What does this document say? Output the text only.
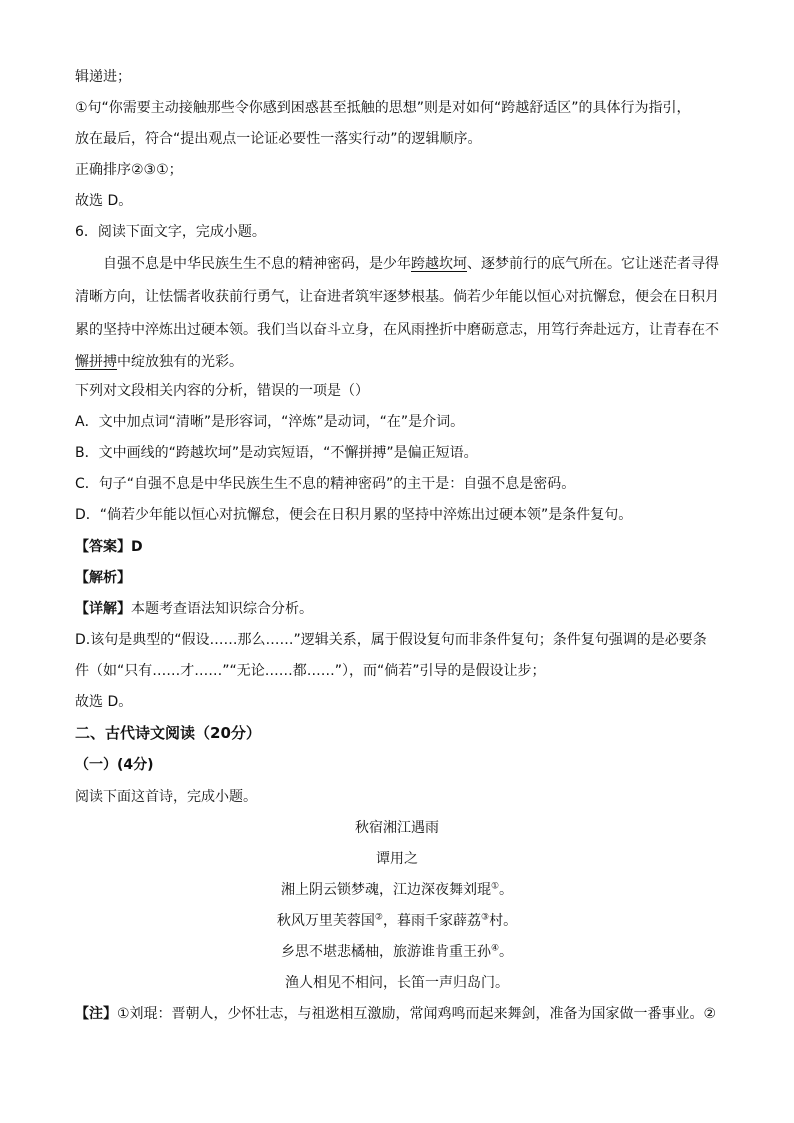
辑递进；
①句“你需要主动接触那些令你感到困惑甚至抵触的思想”则是对如何“跨越舒适区”的具体行为指引，
放在最后，符合“提出观点一论证必要性一落实行动”的逻辑顺序。
正确排序②③①；
故选 D。
6．阅读下面文字，完成小题。
自强不息是中华民族生生不息的精神密码，是少年跨越坎坷、逐梦前行的底气所在。它让迷茫者寻得
清晰方向，让怯懦者收获前行勇气，让奋进者筑牢逐梦根基。倘若少年能以恒心对抗懈怠，便会在日积月
累的坚持中淬炼出过硬本领。我们当以奋斗立身，在风雨挫折中磨砺意志，用笃行奔赴远方，让青春在不
懈拼搏中绽放独有的光彩。
下列对文段相关内容的分析，错误的一项是（）
A．文中加点词“清晰”是形容词，“淬炼”是动词，“在”是介词。
B．文中画线的“跨越坎坷”是动宾短语，“不懈拼搏”是偏正短语。
C．句子“自强不息是中华民族生生不息的精神密码”的主干是：自强不息是密码。
D．“倘若少年能以恒心对抗懈怠，便会在日积月累的坚持中淬炼出过硬本领”是条件复句。
【答案】D
【解析】
【详解】本题考查语法知识综合分析。
D.该句是典型的“假设……那么……”逻辑关系，属于假设复句而非条件复句；条件复句强调的是必要条
件（如“只有……才……”“无论……都……”），而“倘若”引导的是假设让步；
故选 D。
二、古代诗文阅读（20分）
（一）(4分)
阅读下面这首诗，完成小题。
秋宿湘江遇雨
谭用之
湘上阴云锁梦魂，江边深夜舞刘琨①。
秋风万里芙蓉国②，暮雨千家薜荔③村。
乡思不堪悲橘柚，旅游谁肯重王孙④。
渔人相见不相问，长笛一声归岛门。
【注】①刘琨：晋朝人，少怀壮志，与祖逖相互激励，常闻鸡鸣而起来舞剑，准备为国家做一番事业。②
